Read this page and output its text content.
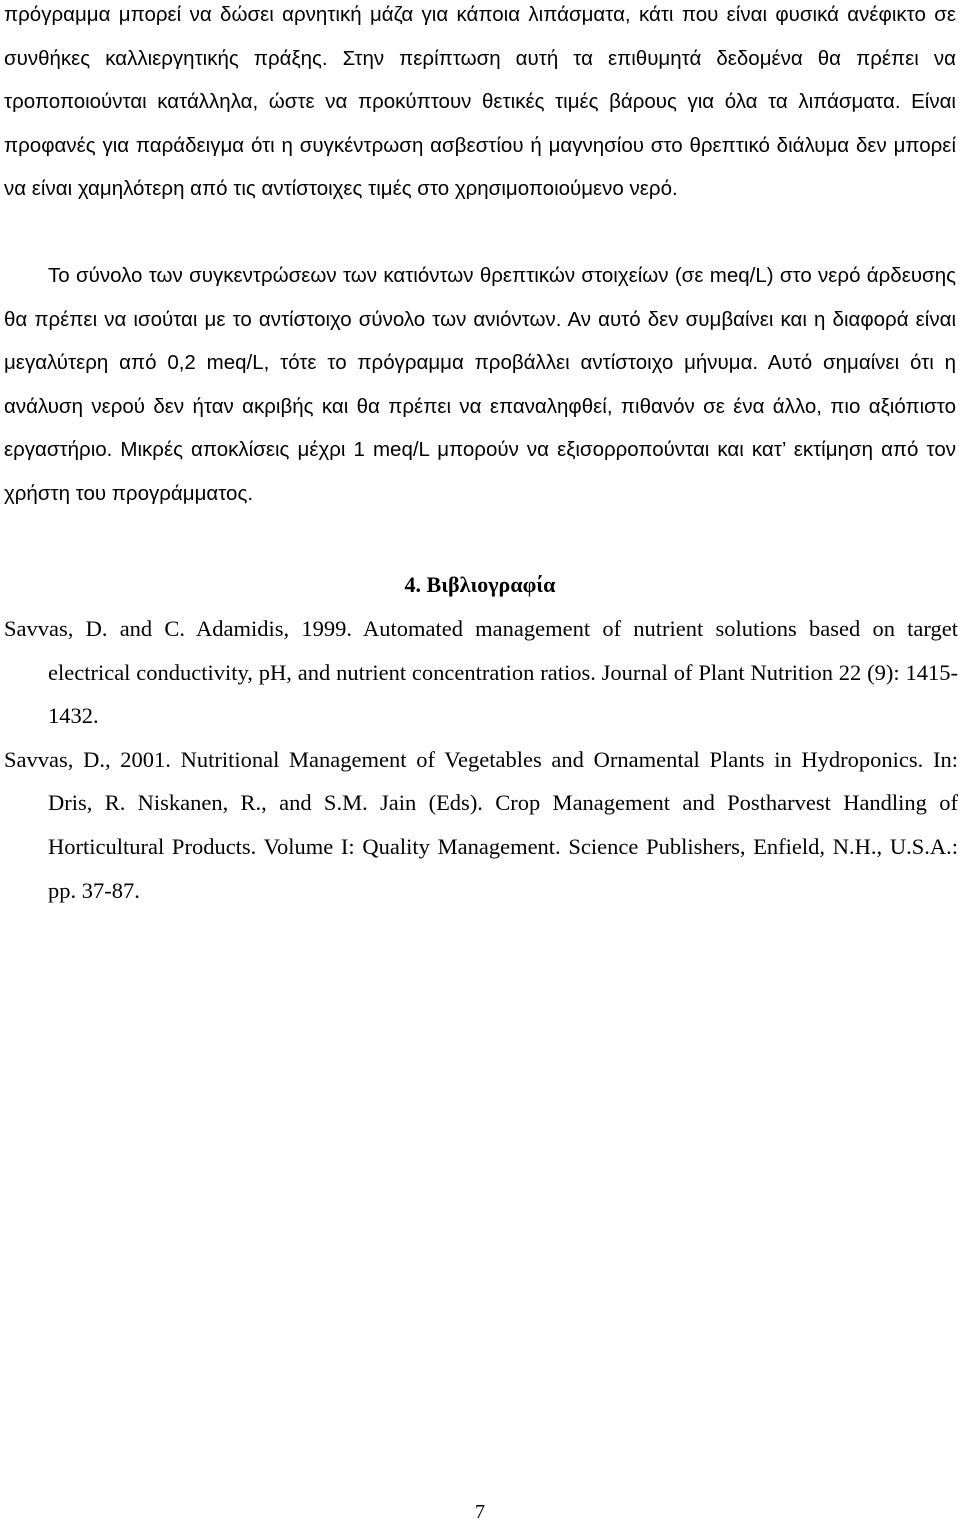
πρόγραμμα μπορεί να δώσει αρνητική μάζα για κάποια λιπάσματα, κάτι που είναι φυσικά ανέφικτο σε συνθήκες καλλιεργητικής πράξης. Στην περίπτωση αυτή τα επιθυμητά δεδομένα θα πρέπει να τροποποιούνται κατάλληλα, ώστε να προκύπτουν θετικές τιμές βάρους για όλα τα λιπάσματα. Είναι προφανές για παράδειγμα ότι η συγκέντρωση ασβεστίου ή μαγνησίου στο θρεπτικό διάλυμα δεν μπορεί να είναι χαμηλότερη από τις αντίστοιχες τιμές στο χρησιμοποιούμενο νερό.

Το σύνολο των συγκεντρώσεων των κατιόντων θρεπτικών στοιχείων (σε meq/L) στο νερό άρδευσης θα πρέπει να ισούται με το αντίστοιχο σύνολο των ανιόντων. Αν αυτό δεν συμβαίνει και η διαφορά είναι μεγαλύτερη από 0,2 meq/L, τότε το πρόγραμμα προβάλλει αντίστοιχο μήνυμα. Αυτό σημαίνει ότι η ανάλυση νερού δεν ήταν ακριβής και θα πρέπει να επαναληφθεί, πιθανόν σε ένα άλλο, πιο αξιόπιστο εργαστήριο. Μικρές αποκλίσεις μέχρι 1 meq/L μπορούν να εξισορροπούνται και κατ’ εκτίμηση από τον χρήστη του προγράμματος.

4. Βιβλιογραφία
Savvas, D. and C. Adamidis, 1999. Automated management of nutrient solutions based on target electrical conductivity, pH, and nutrient concentration ratios. Journal of Plant Nutrition 22 (9): 1415-1432.
Savvas, D., 2001. Nutritional Management of Vegetables and Ornamental Plants in Hydroponics. In: Dris, R. Niskanen, R., and S.M. Jain (Eds). Crop Management and Postharvest Handling of Horticultural Products. Volume I: Quality Management. Science Publishers, Enfield, N.H., U.S.A.: pp. 37-87.
7
